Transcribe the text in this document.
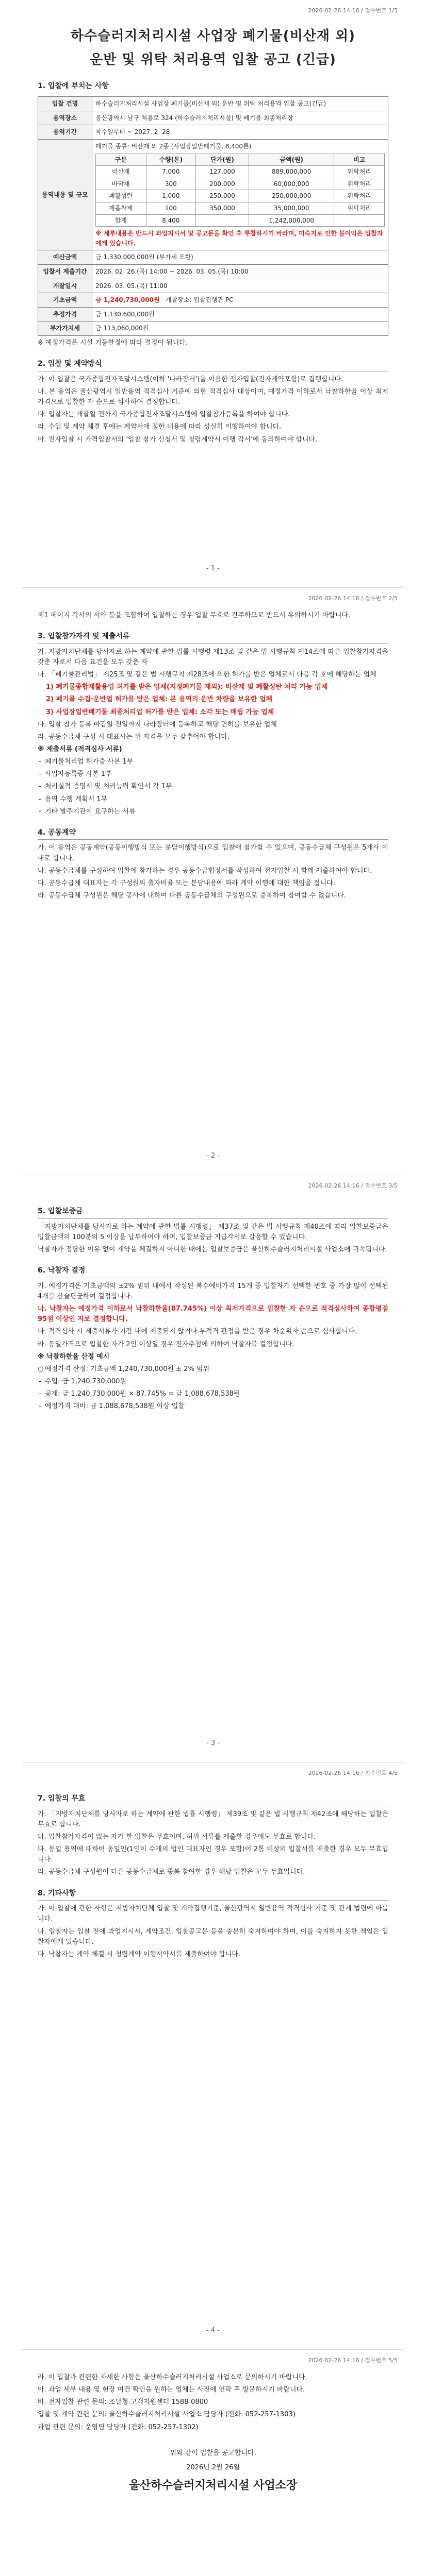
2026-02-26 14:16 / 접수번호 1/5
하수슬러지처리시설 사업장 폐기물(비산재 외)
운반 및 위탁 처리용역 입찰 공고 (긴급)
1. 입찰에 부치는 사항
입찰 건명	하수슬러지처리시설 사업장 폐기물(비산재 외) 운반 및 위탁 처리용역 입찰 공고(긴급)
용역장소	울산광역시 남구 처용로 324 (하수슬러지처리시설) 및 폐기물 최종처리장
용역기간	착수일부터 ~ 2027. 2. 28.
용역내용 및 규모	
폐기물 종류: 비산재 외 2종 (사업장일반폐기물, 8,400톤)
구분	수량(톤)	단가(원)	금액(원)	비고
비산재	7,000	127,000	889,000,000	위탁처리
바닥재	300	200,000	60,000,000	위탁처리
폐활성탄	1,000	250,000	250,000,000	위탁처리
폐흡착제	100	350,000	35,000,000	위탁처리
합계	8,400		1,242,000,000	
※ 세부내용은 반드시 과업지시서 및 공고문을 확인 후 투찰하시기 바라며, 미숙지로 인한 불이익은 입찰자에게 있습니다.

예산금액	금 1,330,000,000원 (부가세 포함)
입찰서 제출기간	2026. 02. 26.(목) 14:00 ~ 2026. 03. 05.(목) 10:00
개찰일시	2026. 03. 05.(목) 11:00
기초금액	금 1,240,730,000원 개찰장소: 입찰집행관 PC
추정가격	금 1,130,600,000원
부가가치세	금 113,060,000원
※ 예정가격은 시설 기등한정에 따라 결정이 됩니다.
2. 입찰 및 계약방식
가. 이 입찰은 국가종합전자조달시스템(이하 '나라장터')을 이용한 전자입찰(전자계약포함)로 집행합니다.
나. 본 용역은 울산광역시 일반용역 적격심사 기준에 의한 적격심사 대상이며, 예정가격 이하로서 낙찰하한율 이상 최저가격으로 입찰한 자 순으로 심사하여 결정합니다.
다. 입찰자는 개찰일 전까지 국가종합전자조달시스템에 입찰참가등록을 하여야 합니다.
라. 수입 및 계약 체결 후에는 계약서에 정한 내용에 따라 성실히 이행하여야 합니다.
마. 전자입찰 시 가격입찰서의 '입찰 참가 신청서 및 청렴계약서 이행 각서'에 동의하여야 합니다.
- 1 -
2026-02-26 14:16 / 접수번호 2/5
제1 페이지 각서의 서약 등을 포함하여 입찰하는 경우 입찰 무효로 간주하므로 반드시 유의하시기 바랍니다.
3. 입찰참가자격 및 제출서류
가. 지방자치단체를 당사자로 하는 계약에 관한 법률 시행령 제13조 및 같은 법 시행규칙 제14조에 따른 입찰참가자격을 갖춘 자로서 다음 요건을 모두 갖춘 자
나. 「폐기물관리법」 제25조 및 같은 법 시행규칙 제28조에 의한 허가를 받은 업체로서 다음 각 호에 해당하는 업체
1) 폐기물종합재활용업 허가를 받은 업체(지정폐기물 제외): 비산재 및 폐활성탄 처리 가능 업체
2) 폐기물 수집·운반업 허가를 받은 업체: 본 용역의 운반 차량을 보유한 업체
3) 사업장일반폐기물 최종처리업 허가를 받은 업체: 소각 또는 매립 가능 업체
다. 입찰 참가 등록 마감일 전일까지 나라장터에 등록하고 해당 면허를 보유한 업체
라. 공동수급체 구성 시 대표사는 위 자격을 모두 갖추어야 합니다.
※ 제출서류 (적격심사 서류)
- 폐기물처리업 허가증 사본 1부
- 사업자등록증 사본 1부
- 처리실적 증명서 및 처리능력 확인서 각 1부
- 용역 수행 계획서 1부
- 기타 발주기관이 요구하는 서류
4. 공동계약
가. 이 용역은 공동계약(공동이행방식 또는 분담이행방식)으로 입찰에 참가할 수 있으며, 공동수급체 구성원은 5개사 이내로 합니다.
나. 공동수급체를 구성하여 입찰에 참가하는 경우 공동수급협정서를 작성하여 전자입찰 시 함께 제출하여야 합니다.
다. 공동수급체 대표자는 각 구성원의 출자비율 또는 분담내용에 따라 계약 이행에 대한 책임을 집니다.
라. 공동수급체 구성원은 해당 공사에 대하여 다른 공동수급체의 구성원으로 중복하여 참여할 수 없습니다.
- 2 -
2026-02-26 14:16 / 접수번호 3/5
5. 입찰보증금
「지방자치단체를 당사자로 하는 계약에 관한 법률 시행령」 제37조 및 같은 법 시행규칙 제40조에 따라 입찰보증금은 입찰금액의 100분의 5 이상을 납부하여야 하며, 입찰보증금 지급각서로 갈음할 수 있습니다.
낙찰자가 정당한 이유 없이 계약을 체결하지 아니한 때에는 입찰보증금은 울산하수슬러지처리시설 사업소에 귀속됩니다.
6. 낙찰자 결정
가. 예정가격은 기초금액의 ±2% 범위 내에서 작성된 복수예비가격 15개 중 입찰자가 선택한 번호 중 가장 많이 선택된 4개를 산술평균하여 결정합니다.
나. 낙찰자는 예정가격 이하로서 낙찰하한율(87.745%) 이상 최저가격으로 입찰한 자 순으로 적격심사하여 종합평점 95점 이상인 자로 결정합니다.
다. 적격심사 시 제출서류가 기간 내에 제출되지 않거나 부적격 판정을 받은 경우 차순위자 순으로 심사합니다.
라. 동일가격으로 입찰한 자가 2인 이상일 경우 전자추첨에 의하여 낙찰자를 결정합니다.
※ 낙찰하한율 산정 예시
○ 예정가격 산정: 기초금액 1,240,730,000원 ± 2% 범위
- 수입: 금 1,240,730,000원
- 공제: 금 1,240,730,000원 × 87.745% = 금 1,088,678,538원
- 예정가격 대비: 금 1,088,678,538원 이상 입찰
- 3 -
2026-02-26 14:16 / 접수번호 4/5
7. 입찰의 무효
가. 「지방자치단체를 당사자로 하는 계약에 관한 법률 시행령」 제39조 및 같은 법 시행규칙 제42조에 해당하는 입찰은 무효로 합니다.
나. 입찰참가자격이 없는 자가 한 입찰은 무효이며, 허위 서류를 제출한 경우에도 무효로 합니다.
다. 동일 용역에 대하여 동일인(1인이 수개의 법인 대표자인 경우 포함)이 2통 이상의 입찰서를 제출한 경우 모두 무효입니다.
라. 공동수급체 구성원이 다른 공동수급체로 중복 참여한 경우 해당 입찰은 모두 무효입니다.
8. 기타사항
가. 이 입찰에 관한 사항은 지방자치단체 입찰 및 계약집행기준, 울산광역시 일반용역 적격심사 기준 및 관계 법령에 따릅니다.
나. 입찰자는 입찰 전에 과업지시서, 계약조건, 입찰공고문 등을 충분히 숙지하여야 하며, 이를 숙지하지 못한 책임은 입찰자에게 있습니다.
다. 낙찰자는 계약 체결 시 청렴계약 이행서약서를 제출하여야 합니다.
- 4 -
2026-02-26 14:16 / 접수번호 5/5
라. 이 입찰과 관련한 자세한 사항은 울산하수슬러지처리시설 사업소로 문의하시기 바랍니다.
마. 과업 세부 내용 및 현장 여건 확인을 원하는 업체는 사전에 연락 후 방문하시기 바랍니다.
바. 전자입찰 관련 문의: 조달청 고객지원센터 1588-0800
입찰 및 계약 관련 문의: 울산하수슬러지처리시설 사업소 담당자 (전화: 052-257-1303)
과업 관련 문의: 운영팀 담당자 (전화: 052-257-1302)
위와 같이 입찰을 공고합니다.
2026년 2월 26일
울산하수슬러지처리시설 사업소장
